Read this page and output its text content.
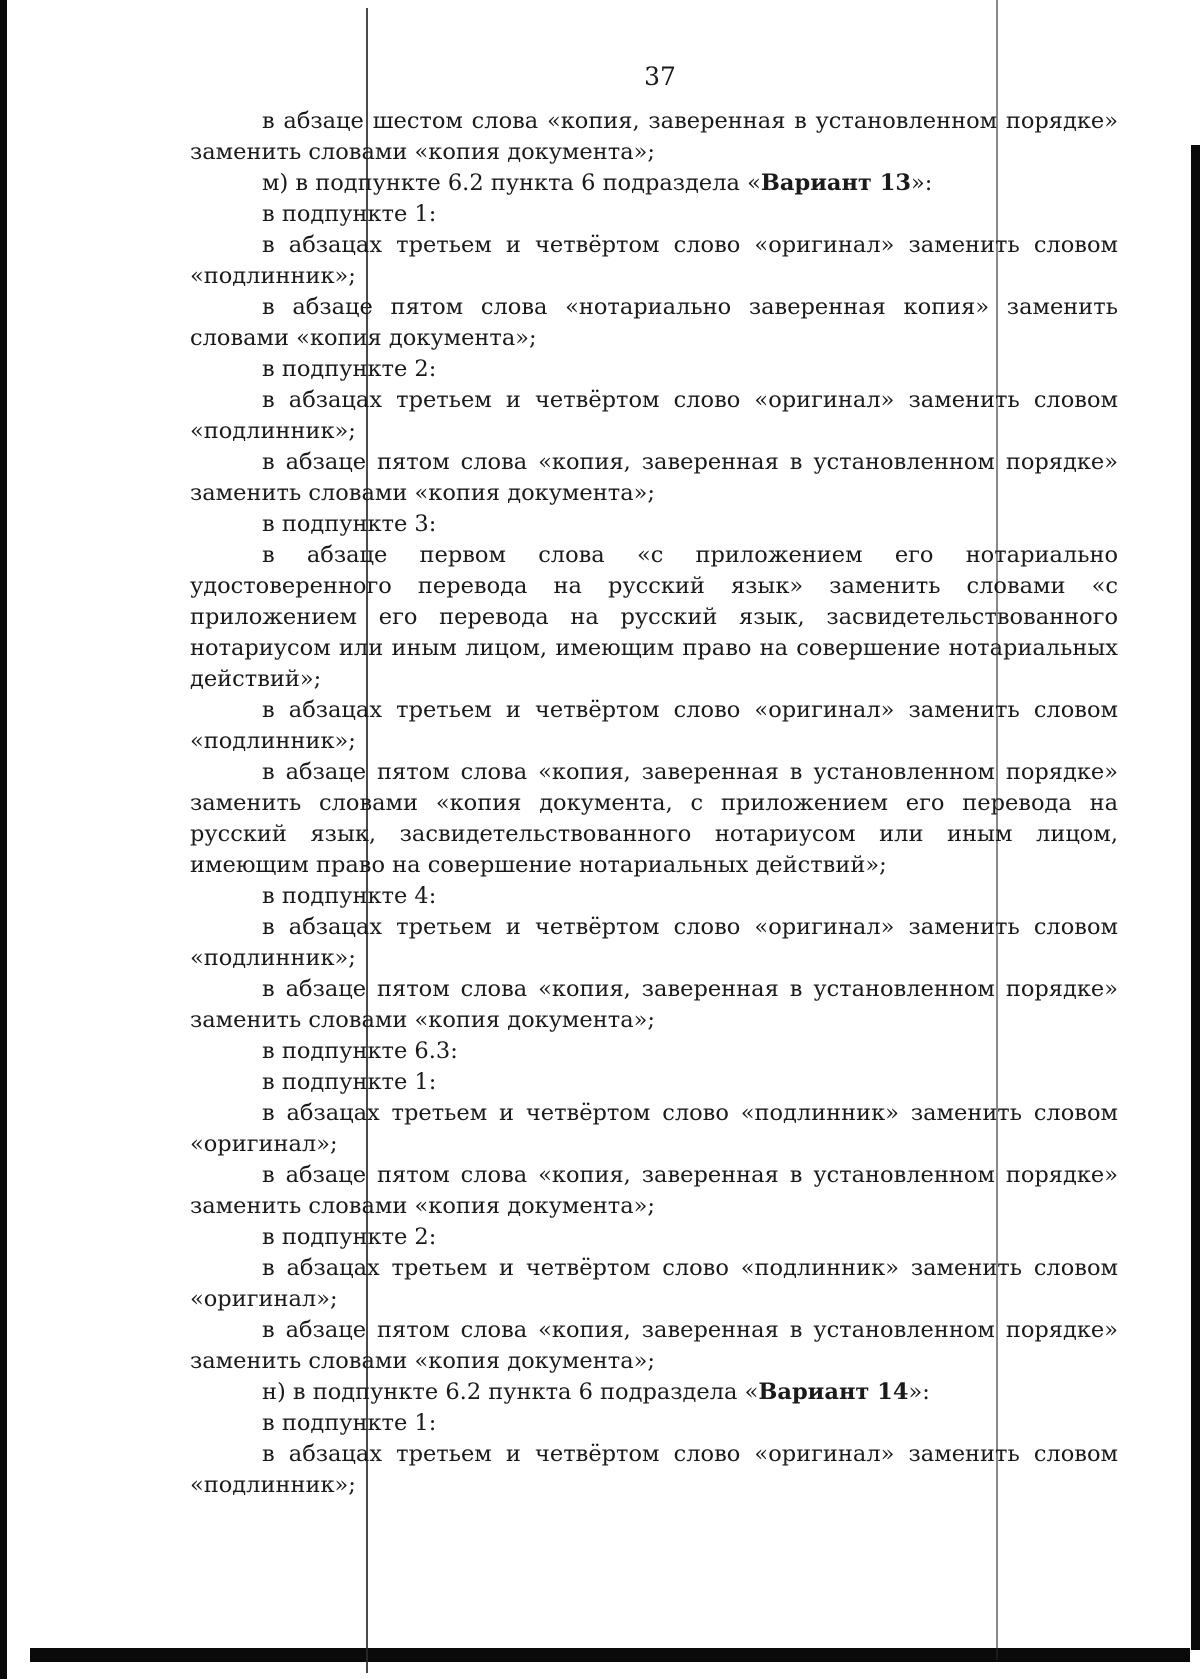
37

в абзаце шестом слова «копия, заверенная в установленном порядке» заменить словами «копия документа»;

м) в подпункте 6.2 пункта 6 подраздела «Вариант 13»:

в подпункте 1:

в абзацах третьем и четвёртом слово «оригинал» заменить словом «подлинник»;

в абзаце пятом слова «нотариально заверенная копия» заменить словами «копия документа»;

в подпункте 2:

в абзацах третьем и четвёртом слово «оригинал» заменить словом «подлинник»;

в абзаце пятом слова «копия, заверенная в установленном порядке» заменить словами «копия документа»;

в подпункте 3:

в абзаце первом слова «с приложением его нотариально удостоверенного перевода на русский язык» заменить словами «с приложением его перевода на русский язык, засвидетельствованного нотариусом или иным лицом, имеющим право на совершение нотариальных действий»;

в абзацах третьем и четвёртом слово «оригинал» заменить словом «подлинник»;

в абзаце пятом слова «копия, заверенная в установленном порядке» заменить словами «копия документа, с приложением его перевода на русский язык, засвидетельствованного нотариусом или иным лицом, имеющим право на совершение нотариальных действий»;

в подпункте 4:

в абзацах третьем и четвёртом слово «оригинал» заменить словом «подлинник»;

в абзаце пятом слова «копия, заверенная в установленном порядке» заменить словами «копия документа»;

в подпункте 6.3:

в подпункте 1:

в абзацах третьем и четвёртом слово «подлинник» заменить словом «оригинал»;

в абзаце пятом слова «копия, заверенная в установленном порядке» заменить словами «копия документа»;

в подпункте 2:

в абзацах третьем и четвёртом слово «подлинник» заменить словом «оригинал»;

в абзаце пятом слова «копия, заверенная в установленном порядке» заменить словами «копия документа»;

н) в подпункте 6.2 пункта 6 подраздела «Вариант 14»:

в подпункте 1:

в абзацах третьем и четвёртом слово «оригинал» заменить словом «подлинник»;
